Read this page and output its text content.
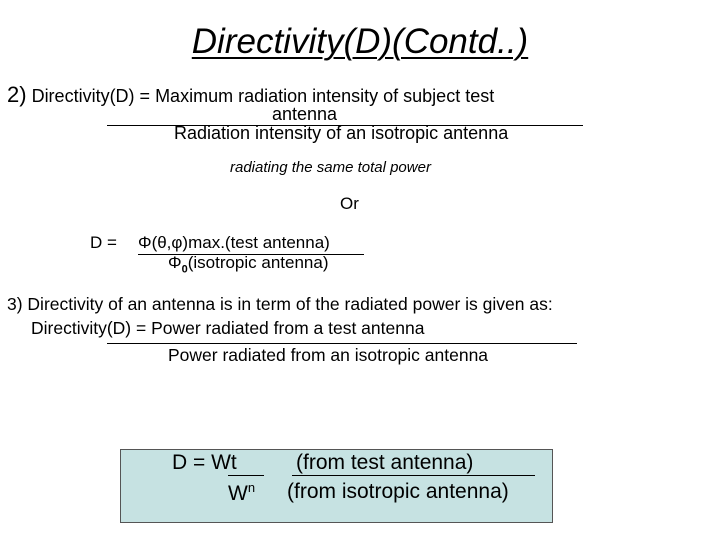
Directivity(D)(Contd..)
2) Directivity(D) = Maximum radiation intensity of subject test
antenna
Radiation intensity of an isotropic antenna
radiating the same total power
Or
D = Φ(θ,φ)max.(test antenna)
$\Phi_0(isotropic$ antenna)
3) Directivity of an antenna is in term of the radiated power is given as:
Directivity(D) = Power radiated from a test antenna
Power radiated from an isotropic antenna
D = Wt	(from test antenna)
$W^n$ (from isotropic antenna)
